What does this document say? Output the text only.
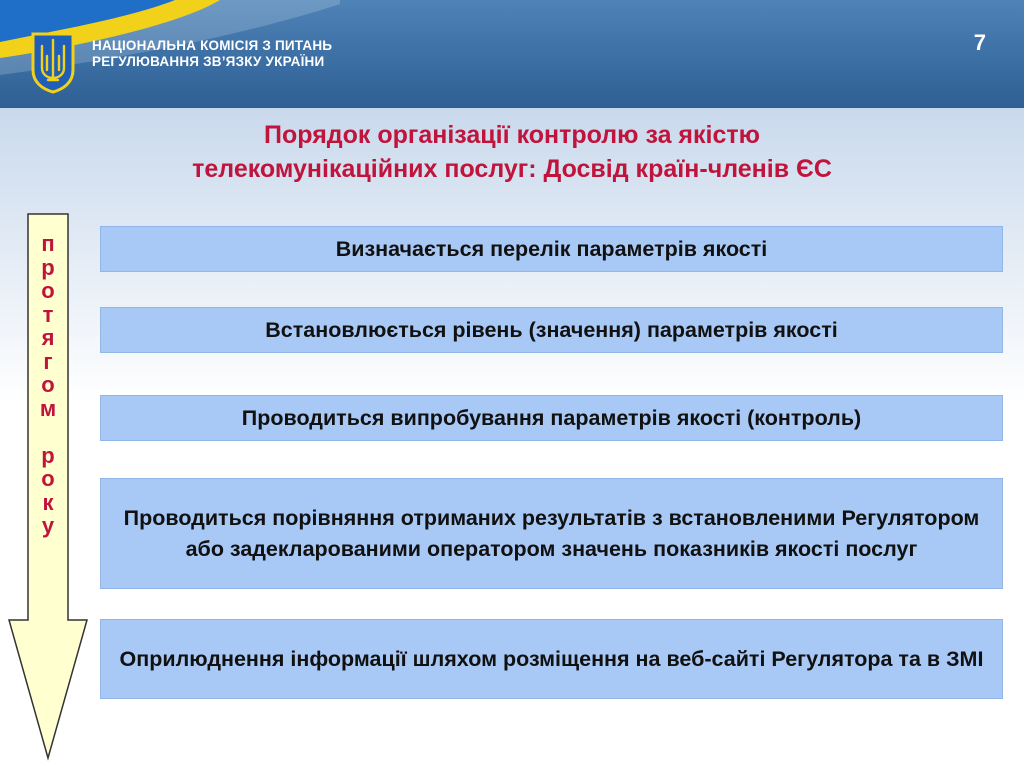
НАЦІОНАЛЬНА КОМІСІЯ З ПИТАНЬ
РЕГУЛЮВАННЯ ЗВ’ЯЗКУ УКРАЇНИ
7
Порядок організації контролю за якістю
телекомунікаційних послуг: Досвід країн-членів ЄС
п
р
о
т
я
г
о
м
р
о
к
у
Визначається перелік параметрів якості
Встановлюється рівень (значення) параметрів якості
Проводиться випробування параметрів якості (контроль)
Проводиться порівняння отриманих результатів з встановленими Регулятором або задекларованими оператором значень показників якості послуг
Оприлюднення інформації шляхом розміщення на веб-сайті Регулятора та в ЗМІ
